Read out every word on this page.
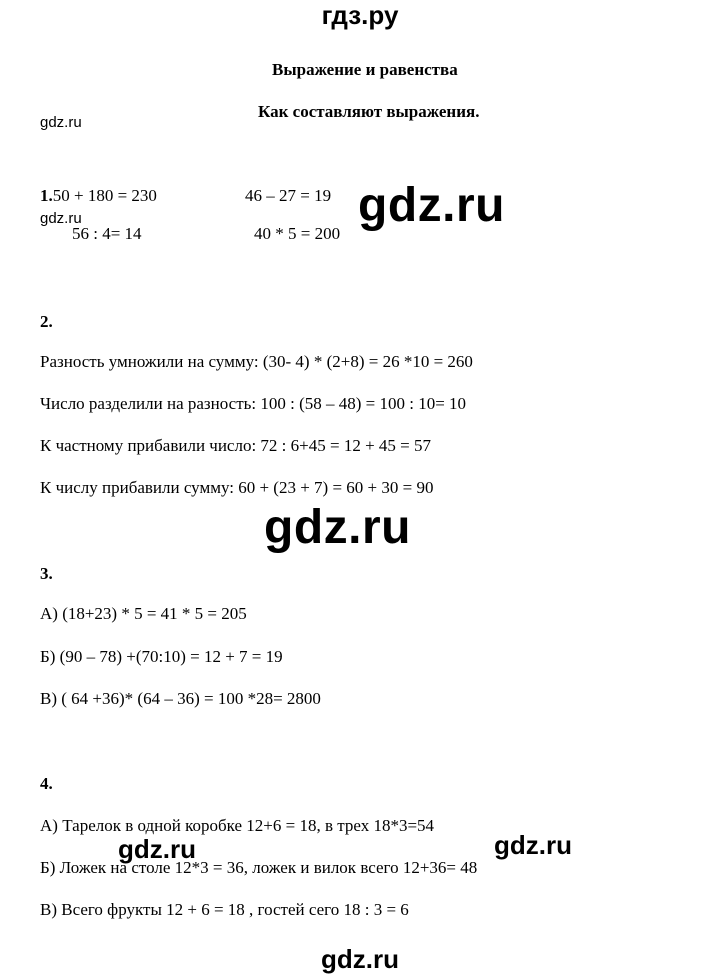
гдз.ру
Выражение и равенства
Как составляют выражения.
gdz.ru
gdz.ru
1.50 + 180 = 230	46 – 27 = 19
56 : 4= 14	40 * 5 = 200
gdz.ru
2.
Разность умножили на сумму: (30- 4) * (2+8) = 26 *10 = 260
Число разделили на разность: 100 : (58 – 48) = 100 : 10= 10
К частному прибавили число: 72 : 6+45 = 12 + 45 = 57
К числу прибавили сумму: 60 + (23 + 7) = 60 + 30 = 90
gdz.ru
3.
А) (18+23) * 5 = 41 * 5 = 205
Б) (90 – 78) +(70:10) = 12 + 7 = 19
В) ( 64 +36)* (64 – 36) = 100 *28= 2800
4.
А) Тарелок в одной коробке 12+6 = 18, в трех 18*3=54
Б) Ложек на столе 12*3 = 36, ложек и вилок всего 12+36= 48
В) Всего фрукты 12 + 6 = 18 , гостей сего 18 : 3 = 6
gdz.ru	gdz.ru
gdz.ru
